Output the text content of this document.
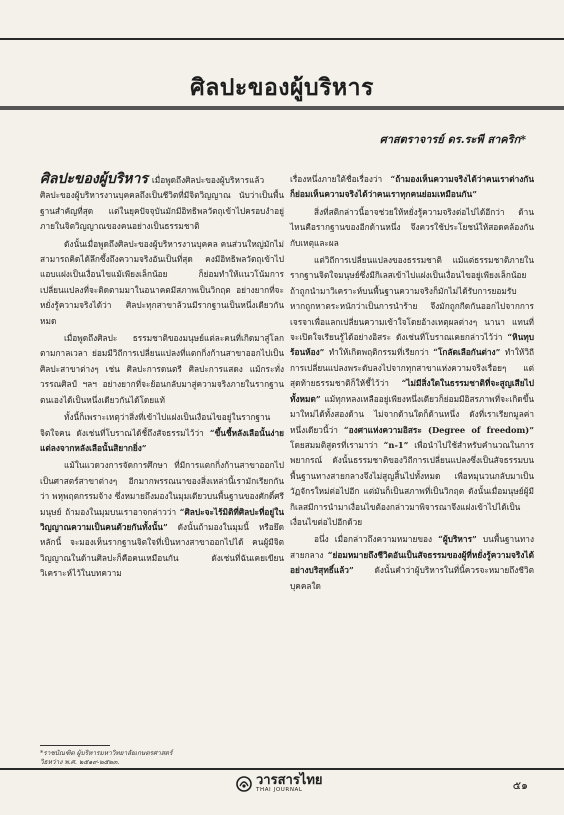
ศิลปะของผู้บริหาร
ศาสตราจารย์ ดร.ระพี สาคริก*

ศิลปะของผู้บริหาร เมื่อพูดถึงศิลปะของผู้บริหารแล้ว ศิลปะของผู้บริหารงานบุคคลถึงเป็นชีวิตที่มีจิตวิญญาณ นับว่าเป็นพื้นฐานสำคัญที่สุด แต่ในยุคปัจจุบันมักมีอิทธิพลวัตถุเข้าไปครอบงำอยู่ภายในจิตวิญญาณของคนอย่างเป็นธรรมชาติ

ดังนั้นเมื่อพูดถึงศิลปะของผู้บริหารงานบุคคล คนส่วนใหญ่มักไม่สามารถคิดได้ลึกซึ้งถึงความจริงอันเป็นที่สุด คงมีอิทธิพลวัตถุเข้าไปแอบแฝงเป็นเงื่อนไขแม้เพียงเล็กน้อย ก็ย่อมทำให้แนวโน้มการเปลี่ยนแปลงที่จะติดตามมาในอนาคตมีสภาพเป็นวิกฤต อย่างยากที่จะหยั่งรู้ความจริงได้ว่า ศิลปะทุกสาขาล้วนมีรากฐานเป็นหนึ่งเดียวกันหมด

เมื่อพูดถึงศิลปะ ธรรมชาติของมนุษย์แต่ละคนที่เกิดมาสู่โลกตามกาลเวลา ย่อมมีวิถีการเปลี่ยนแปลงที่แตกกิ่งก้านสาขาออกไปเป็นศิลปะสาขาต่างๆ เช่น ศิลปะการดนตรี ศิลปะการแสดง แม้กระทั่งวรรณศิลป์ ฯลฯ อย่างยากที่จะย้อนกลับมาสู่ความจริงภายในรากฐานตนเองได้เป็นหนึ่งเดียวกันได้โดยแท้

ทั้งนี้ก็เพราะเหตุว่าสิ่งที่เข้าไปแฝงเป็นเงื่อนไขอยู่ในรากฐานจิตใจคน ดังเช่นที่โบราณได้ชี้ถึงสัจธรรมไว้ว่า “ขึ้นชี้หลังเลือนั้นง่าย แต่ลงจากหลังเลือนั้นสิยากยิ่ง”

แม้ในแวดวงการจัดการศึกษา ที่มีการแตกกิ่งก้านสาขาออกไปเป็นศาสตร์สาขาต่างๆ อีกมากพรรณนาของสิ่งเหล่านี้เรามักเรียกกันว่า พหุพฤตกรรมจ้าง ซึ่งหมายถึงมองในมุมเดียวบนพื้นฐานของศักดิ์ศรีมนุษย์ ถ้ามองในมุมบนเราอาจกล่าวว่า “ศิลปะจะไร้มิติที่ศิลปะที่อยู่ในวิญญาณความเป็นคนด้วยกันทั้งนั้น” ดังนั้นถ้ามองในมุมนี้ หรือยึดหลักนี้ จะมองเห็นรากฐานจิตใจที่เป็นทางสาขาออกไปได้ คนผู้มีจิตวิญญาณในด้านศิลปะก็คือคนเหมือนกัน ดังเช่นที่ฉันเคยเขียนวิเคราะห์ไว้ในบทความ

เรื่องหนึ่งภายใต้ชื่อเรื่องว่า “ถ้ามองเห็นความจริงได้ว่าคนเราต่างกัน ก็ย่อมเห็นความจริงได้ว่าคนเราทุกคนย่อมเหมือนกัน”

สิ่งที่สติกล่าวนี้อาจช่วยให้หยั่งรู้ความจริงต่อไปได้อีกว่า ด้านไหนคือรากฐานของอีกด้านหนึ่ง จึงควรใช้ประโยชน์ให้สอดคล้องกันกับเหตุและผล

แต่วิถีการเปลี่ยนแปลงของธรรมชาติ แม้แต่ธรรมชาติภายในรากฐานจิตใจมนุษย์ซึ่งมีกิเลสเข้าไปแฝงเป็นเงื่อนไขอยู่เพียงเล็กน้อย ถ้าถูกนำมาวิเคราะห์บนพื้นฐานความจริงก็มักไม่ได้รับการยอมรับ หากถูกหาตระหนักว่าเป็นการนำร้าย จึงมักถูกกีดกันออกไปจากการเจรจาเพื่อแลกเปลี่ยนความเข้าใจโดยอ้างเหตุผลต่างๆ นานา แทนที่จะเปิดใจเรียนรู้ได้อย่างอิสระ ดังเช่นที่โบราณเคยกล่าวไว้ว่า “หินทุบร้อนห้อง” ทำให้เกิดพฤติกรรมที่เรียกว่า “โกลัดเลือกันต่าง” ทำให้วิถีการเปลี่ยนแปลงพระดับลงไปจากทุกสาขาแห่งความจริงเรื่อยๆ แต่สุดท้ายธรรมชาติก็ให้ชี้ไว้ว่า “ไม่มีสิ่งใดในธรรมชาติที่จะสูญเสียไปทั้งหมด” แม้ทุกหลงเหลืออยู่เพียงหนึ่งเดียวก็ย่อมมีอิสรภาพที่จะเกิดขึ้นมาใหม่ได้ทั้งสองด้าน ไม่จากด้านใดก็ด้านหนึ่ง ดังที่เราเรียกมูลค่าหนึ่งเดียวนี้ว่า “องศาแห่งความอิสระ (Degree of freedom)” โดยสมมติสูตรที่เรามาว่า “n-1” เพื่อนำไปใช้สำหรับคำนวณในการพยากรณ์ ดังนั้นธรรมชาติของวิถีการเปลี่ยนแปลงซึ่งเป็นสัจธรรมบนพื้นฐานทางสายกลางจึงไม่สูญสิ้นไปทั้งหมด เพื่อหมุนวนกลับมาเป็นวัฏจักรใหม่ต่อไปอีก แต่มันก็เป็นสภาพที่เป็นวิกฤต ดังนั้นเมื่อมนุษย์ผู้มีกิเลสมีการนำมาเงื่อนไขต้องกล่าวมาพิจารณาจึงแฝงเข้าไปได้เป็นเงื่อนไขต่อไปอีกด้วย

อนึ่ง เมื่อกล่าวถึงความหมายของ “ผู้บริหาร” บนพื้นฐานทางสายกลาง “ย่อมหมายถึงชีวิตอันเป็นสัจธรรมของผู้ที่หยั่งรู้ความจริงได้อย่างบริสุทธิ์แล้ว” ดังนั้นคำว่าผู้บริหารในที่นี้ควรจะหมายถึงชีวิตบุคคลใด

*ราชบัณฑิต ผู้บริหารมหาวิทยาลัยเกษตรศาสตร์
วิธหว่าง พ.ศ. ๒๕๑๙-๒๕๒๓.
วารสารไทย
THAI JOURNAL	๕๑
